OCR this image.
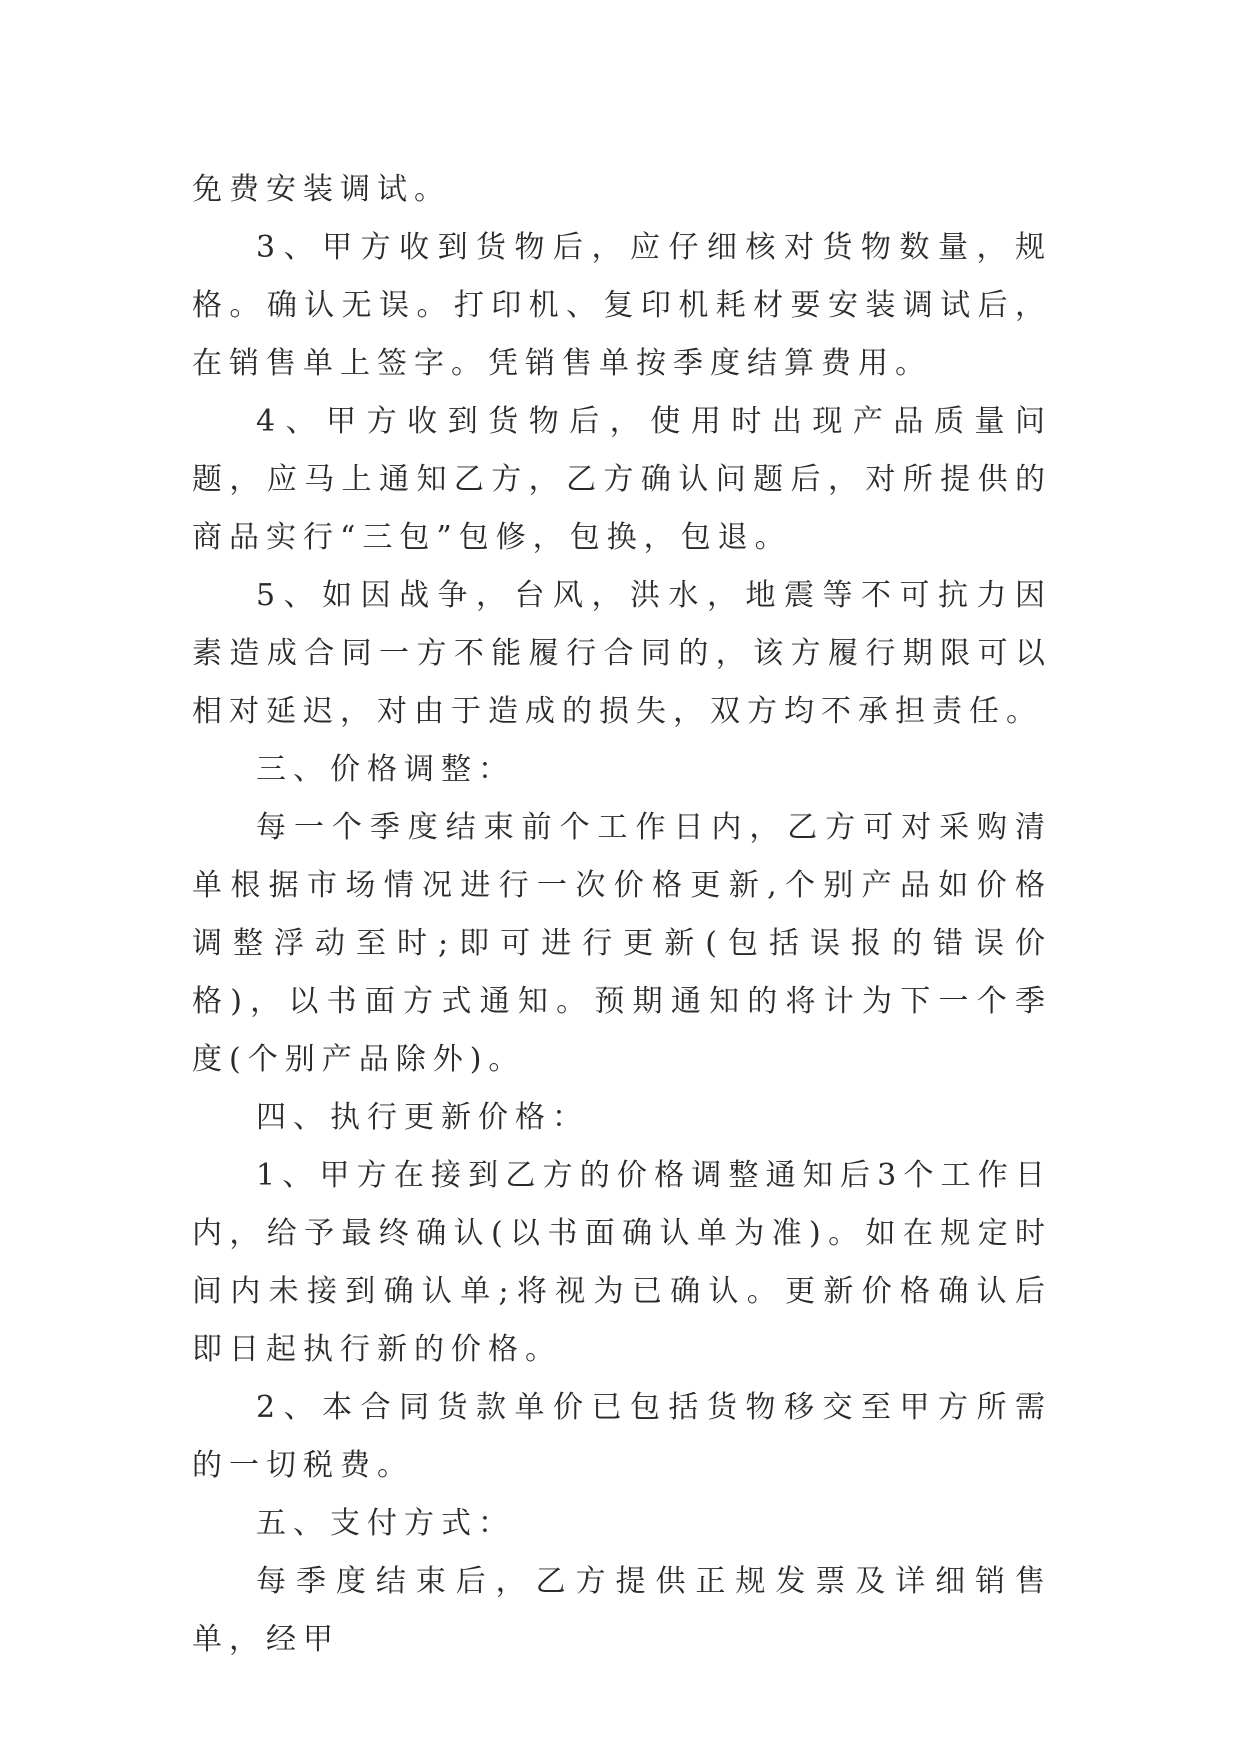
免费安装调试。

3、甲方收到货物后，应仔细核对货物数量，规格。确认无误。打印机、复印机耗材要安装调试后，在销售单上签字。凭销售单按季度结算费用。

4、甲方收到货物后，使用时出现产品质量问题，应马上通知乙方，乙方确认问题后，对所提供的商品实行“三包”包修，包换，包退。

5、如因战争，台风，洪水，地震等不可抗力因素造成合同一方不能履行合同的，该方履行期限可以相对延迟，对由于造成的损失，双方均不承担责任。

三、价格调整：

每一个季度结束前个工作日内，乙方可对采购清单根据市场情况进行一次价格更新,个别产品如价格调整浮动至时;即可进行更新(包括误报的错误价格)，以书面方式通知。预期通知的将计为下一个季度(个别产品除外)。

四、执行更新价格：

1、甲方在接到乙方的价格调整通知后3个工作日内，给予最终确认(以书面确认单为准)。如在规定时间内未接到确认单;将视为已确认。更新价格确认后即日起执行新的价格。

2、本合同货款单价已包括货物移交至甲方所需的一切税费。

五、支付方式：

每季度结束后，乙方提供正规发票及详细销售单，经甲
